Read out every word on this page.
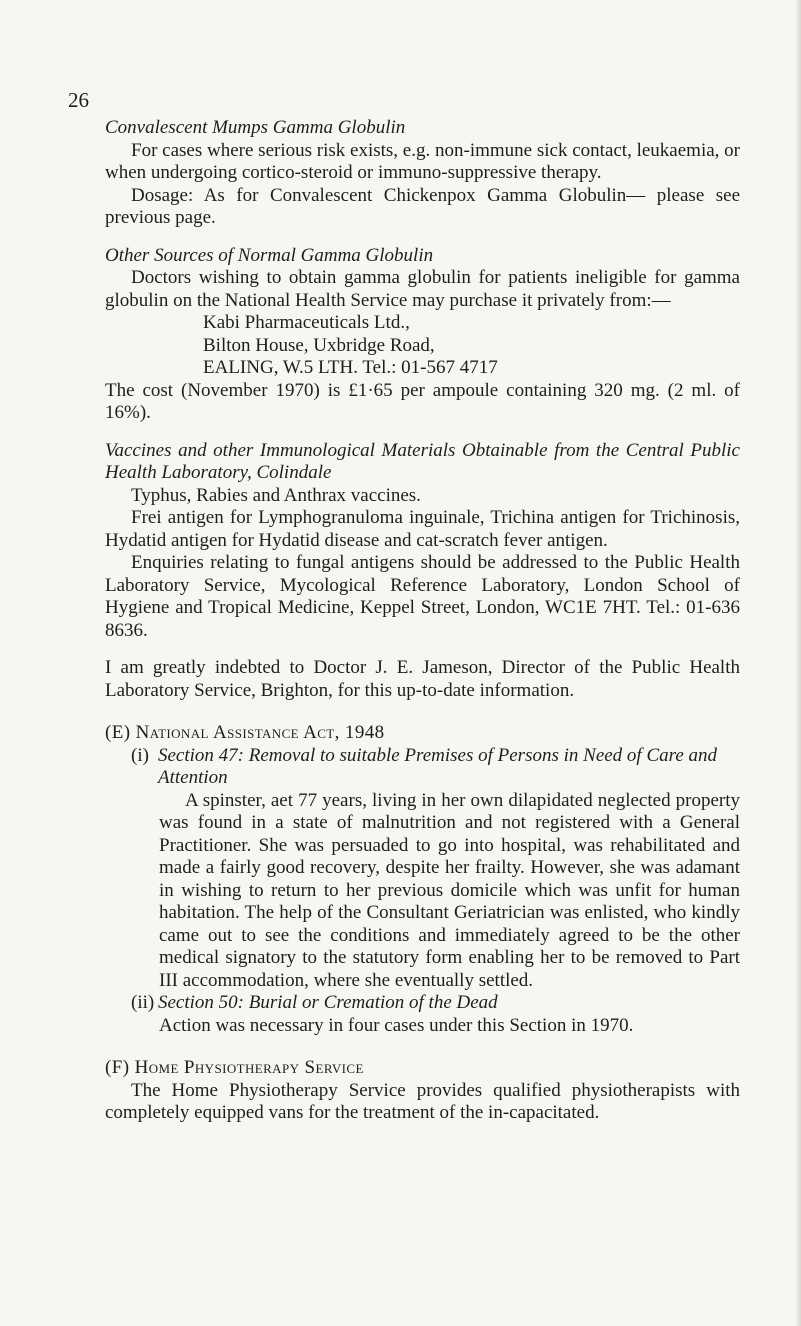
26

Convalescent Mumps Gamma Globulin

For cases where serious risk exists, e.g. non-immune sick contact, leukaemia, or when undergoing cortico-steroid or immuno-suppressive therapy.

Dosage: As for Convalescent Chickenpox Gamma Globulin— please see previous page.

Other Sources of Normal Gamma Globulin

Doctors wishing to obtain gamma globulin for patients ineligible for gamma globulin on the National Health Service may purchase it privately from:—

Kabi Pharmaceuticals Ltd.,

Bilton House, Uxbridge Road,

EALING, W.5 LTH. Tel.: 01-567 4717

The cost (November 1970) is £1·65 per ampoule containing 320 mg. (2 ml. of 16%).

Vaccines and other Immunological Materials Obtainable from the Central Public Health Laboratory, Colindale

Typhus, Rabies and Anthrax vaccines.

Frei antigen for Lymphogranuloma inguinale, Trichina antigen for Trichinosis, Hydatid antigen for Hydatid disease and cat-scratch fever antigen.

Enquiries relating to fungal antigens should be addressed to the Public Health Laboratory Service, Mycological Reference Laboratory, London School of Hygiene and Tropical Medicine, Keppel Street, London, WC1E 7HT. Tel.: 01-636 8636.

I am greatly indebted to Doctor J. E. Jameson, Director of the Public Health Laboratory Service, Brighton, for this up-to-date information.

(E) National Assistance Act, 1948

(i) Section 47: Removal to suitable Premises of Persons in Need of Care and Attention

A spinster, aet 77 years, living in her own dilapidated neglected property was found in a state of malnutrition and not registered with a General Practitioner. She was persuaded to go into hospital, was rehabilitated and made a fairly good recovery, despite her frailty. However, she was adamant in wishing to return to her previous domicile which was unfit for human habitation. The help of the Consultant Geriatrician was enlisted, who kindly came out to see the conditions and immediately agreed to be the other medical signatory to the statutory form enabling her to be removed to Part III accommodation, where she eventually settled.

(ii) Section 50: Burial or Cremation of the Dead

Action was necessary in four cases under this Section in 1970.

(F) Home Physiotherapy Service

The Home Physiotherapy Service provides qualified physiotherapists with completely equipped vans for the treatment of the in-capacitated.
